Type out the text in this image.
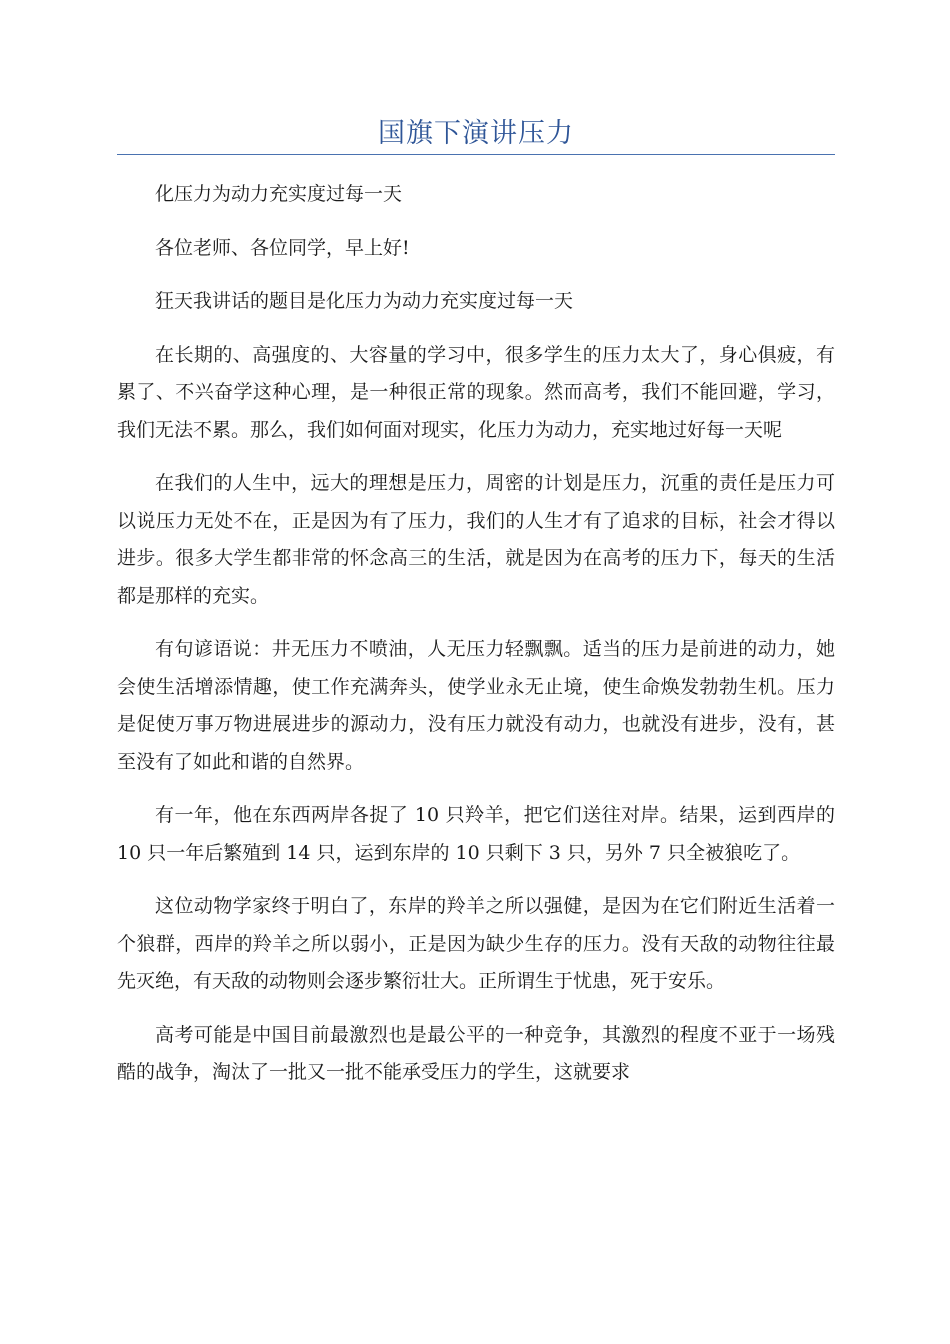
国旗下演讲压力

化压力为动力充实度过每一天

各位老师、各位同学，早上好!

狂天我讲话的题目是化压力为动力充实度过每一天

在长期的、高强度的、大容量的学习中，很多学生的压力太大了，身心俱疲，有累了、不兴奋学这种心理，是一种很正常的现象。然而高考，我们不能回避，学习，我们无法不累。那么，我们如何面对现实，化压力为动力，充实地过好每一天呢

在我们的人生中，远大的理想是压力，周密的计划是压力，沉重的责任是压力可以说压力无处不在，正是因为有了压力，我们的人生才有了追求的目标，社会才得以进步。很多大学生都非常的怀念高三的生活，就是因为在高考的压力下，每天的生活都是那样的充实。

有句谚语说：井无压力不喷油，人无压力轻飘飘。适当的压力是前进的动力，她会使生活增添情趣，使工作充满奔头，使学业永无止境，使生命焕发勃勃生机。压力是促使万事万物进展进步的源动力，没有压力就没有动力，也就没有进步，没有，甚至没有了如此和谐的自然界。

有一年，他在东西两岸各捉了 10 只羚羊，把它们送往对岸。结果，运到西岸的 10 只一年后繁殖到 14 只，运到东岸的 10 只剩下 3 只，另外 7 只全被狼吃了。

这位动物学家终于明白了，东岸的羚羊之所以强健，是因为在它们附近生活着一个狼群，西岸的羚羊之所以弱小，正是因为缺少生存的压力。没有天敌的动物往往最先灭绝，有天敌的动物则会逐步繁衍壮大。正所谓生于忧患，死于安乐。

高考可能是中国目前最激烈也是最公平的一种竞争，其激烈的程度不亚于一场残酷的战争，淘汰了一批又一批不能承受压力的学生，这就要求
